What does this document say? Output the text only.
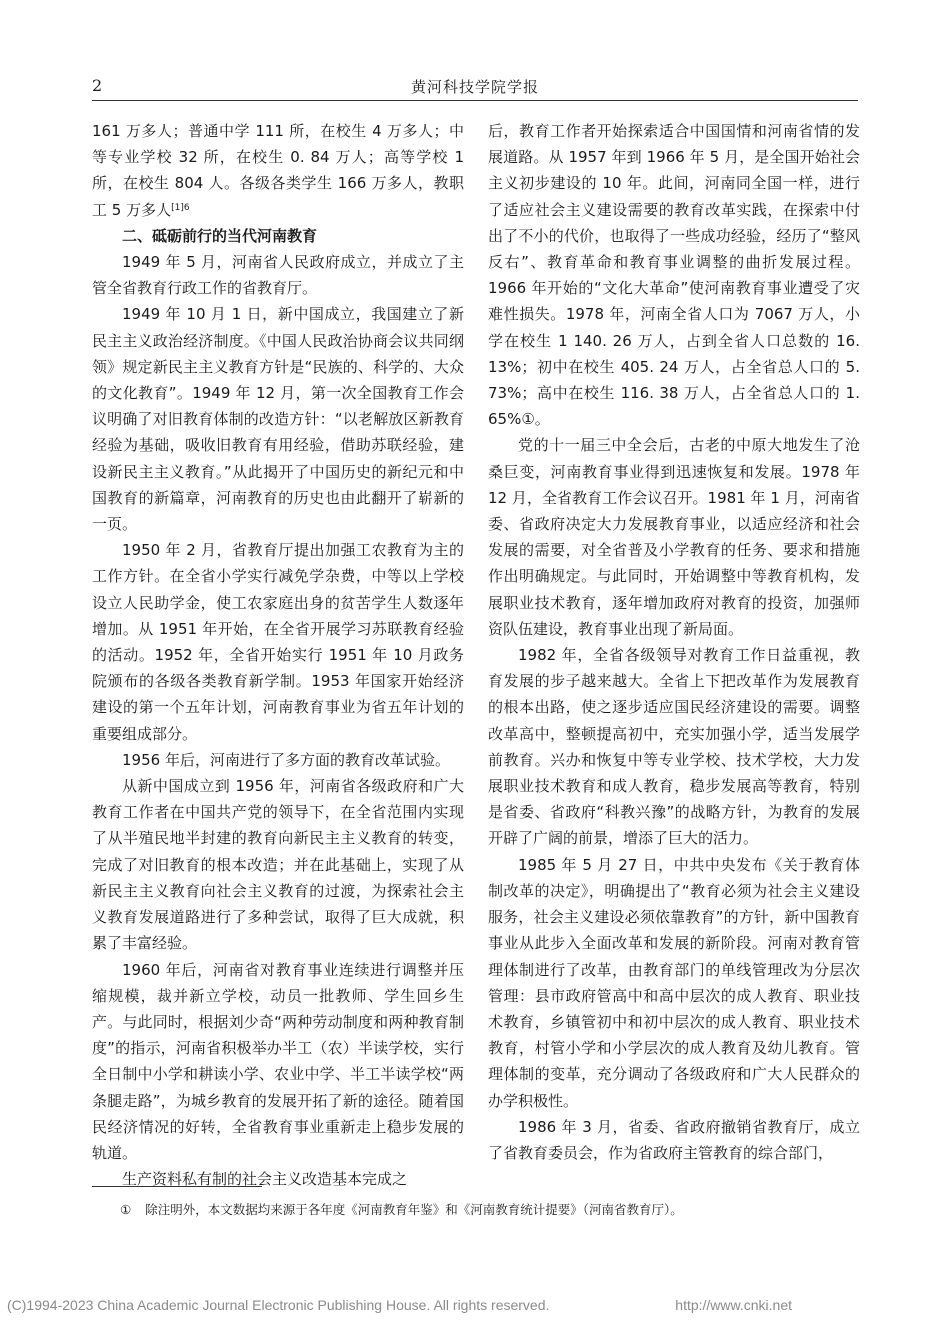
2	黄河科技学院学报

161 万多人；普通中学 111 所，在校生 4 万多人；中等专业学校 32 所，在校生 0. 84 万人；高等学校 1 所，在校生 804 人。各级各类学生 166 万多人，教职工 5 万多人$^{[1]6}$

二、砥砺前行的当代河南教育

1949 年 5 月，河南省人民政府成立，并成立了主管全省教育行政工作的省教育厅。

1949 年 10 月 1 日，新中国成立，我国建立了新民主主义政治经济制度。《中国人民政治协商会议共同纲领》规定新民主主义教育方针是“民族的、科学的、大众的文化教育”。1949 年 12 月，第一次全国教育工作会议明确了对旧教育体制的改造方针：“以老解放区新教育经验为基础，吸收旧教育有用经验，借助苏联经验，建设新民主主义教育。”从此揭开了中国历史的新纪元和中国教育的新篇章，河南教育的历史也由此翻开了崭新的一页。

1950 年 2 月，省教育厅提出加强工农教育为主的工作方针。在全省小学实行减免学杂费，中等以上学校设立人民助学金，使工农家庭出身的贫苦学生人数逐年增加。从 1951 年开始，在全省开展学习苏联教育经验的活动。1952 年，全省开始实行 1951 年 10 月政务院颁布的各级各类教育新学制。1953 年国家开始经济建设的第一个五年计划，河南教育事业为省五年计划的重要组成部分。

1956 年后，河南进行了多方面的教育改革试验。

从新中国成立到 1956 年，河南省各级政府和广大教育工作者在中国共产党的领导下，在全省范围内实现了从半殖民地半封建的教育向新民主主义教育的转变，完成了对旧教育的根本改造；并在此基础上，实现了从新民主主义教育向社会主义教育的过渡，为探索社会主义教育发展道路进行了多种尝试，取得了巨大成就，积累了丰富经验。

1960 年后，河南省对教育事业连续进行调整并压缩规模，裁并新立学校，动员一批教师、学生回乡生产。与此同时，根据刘少奇“两种劳动制度和两种教育制度”的指示，河南省积极举办半工（农）半读学校，实行全日制中小学和耕读小学、农业中学、半工半读学校“两条腿走路”，为城乡教育的发展开拓了新的途径。随着国民经济情况的好转，全省教育事业重新走上稳步发展的轨道。

生产资料私有制的社会主义改造基本完成之

后，教育工作者开始探索适合中国国情和河南省情的发展道路。从 1957 年到 1966 年 5 月，是全国开始社会主义初步建设的 10 年。此间，河南同全国一样，进行了适应社会主义建设需要的教育改革实践，在探索中付出了不小的代价，也取得了一些成功经验，经历了“整风反右”、教育革命和教育事业调整的曲折发展过程。1966 年开始的“文化大革命”使河南教育事业遭受了灾难性损失。1978 年，河南全省人口为 7067 万人，小学在校生 1 140. 26 万人，占到全省人口总数的 16. 13%；初中在校生 405. 24 万人，占全省总人口的 5. 73%；高中在校生 116. 38 万人，占全省总人口的 1. 65%①。

党的十一届三中全会后，古老的中原大地发生了沧桑巨变，河南教育事业得到迅速恢复和发展。1978 年 12 月，全省教育工作会议召开。1981 年 1 月，河南省委、省政府决定大力发展教育事业，以适应经济和社会发展的需要，对全省普及小学教育的任务、要求和措施作出明确规定。与此同时，开始调整中等教育机构，发展职业技术教育，逐年增加政府对教育的投资，加强师资队伍建设，教育事业出现了新局面。

1982 年，全省各级领导对教育工作日益重视，教育发展的步子越来越大。全省上下把改革作为发展教育的根本出路，使之逐步适应国民经济建设的需要。调整改革高中，整顿提高初中，充实加强小学，适当发展学前教育。兴办和恢复中等专业学校、技术学校，大力发展职业技术教育和成人教育，稳步发展高等教育，特别是省委、省政府“科教兴豫”的战略方针，为教育的发展开辟了广阔的前景，增添了巨大的活力。

1985 年 5 月 27 日，中共中央发布《关于教育体制改革的决定》，明确提出了“教育必须为社会主义建设服务，社会主义建设必须依靠教育”的方针，新中国教育事业从此步入全面改革和发展的新阶段。河南对教育管理体制进行了改革，由教育部门的单线管理改为分层次管理：县市政府管高中和高中层次的成人教育、职业技术教育，乡镇管初中和初中层次的成人教育、职业技术教育，村管小学和小学层次的成人教育及幼儿教育。管理体制的变革，充分调动了各级政府和广大人民群众的办学积极性。

1986 年 3 月，省委、省政府撤销省教育厅，成立了省教育委员会，作为省政府主管教育的综合部门，

① 除注明外，本文数据均来源于各年度《河南教育年鉴》和《河南教育统计提要》（河南省教育厅）。
(C)1994-2023 China Academic Journal Electronic Publishing House. All rights reserved.	http://www.cnki.net
